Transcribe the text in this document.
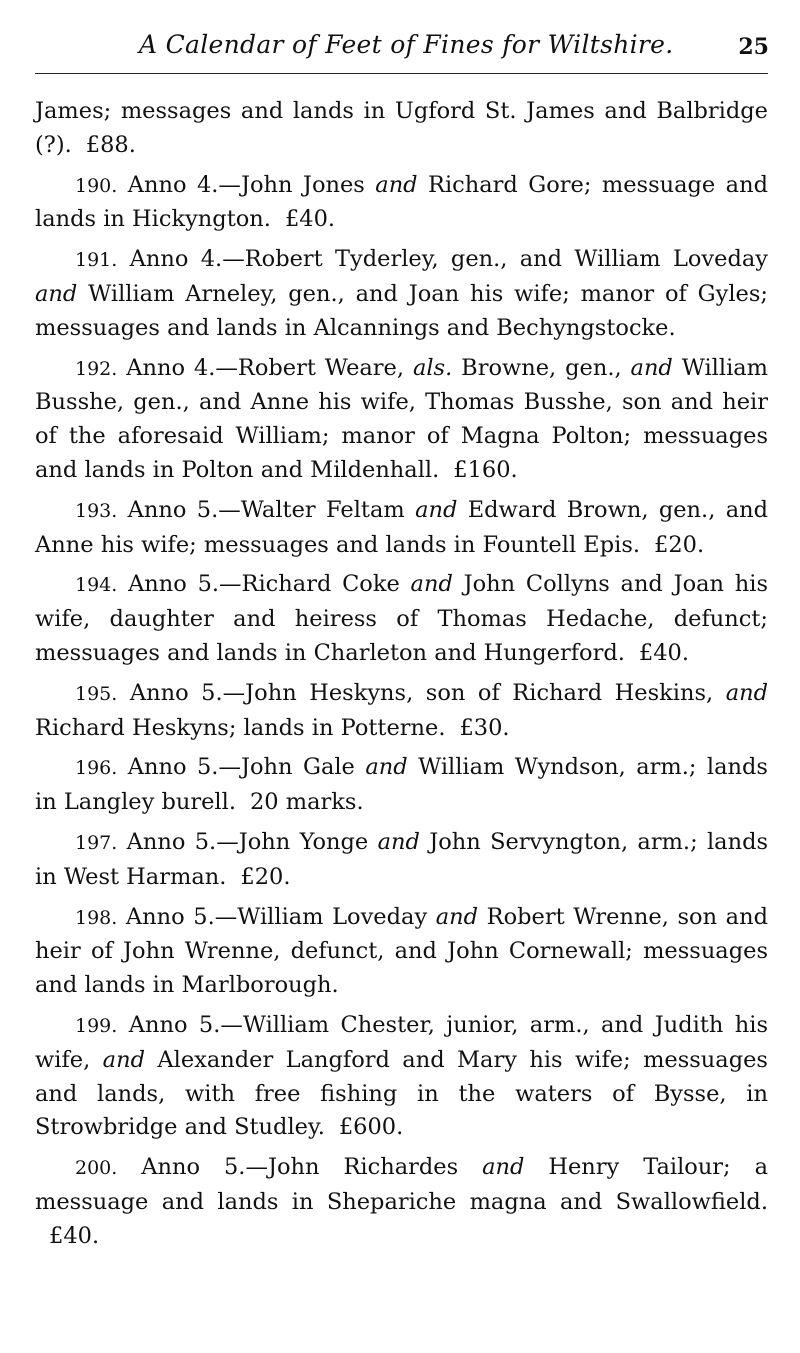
A Calendar of Feet of Fines for Wiltshire.	25

James; messages and lands in Ugford St. James and Balbridge (?). £88.

190. Anno 4.—John Jones and Richard Gore; messuage and lands in Hickyngton. £40.

191. Anno 4.—Robert Tyderley, gen., and William Loveday and William Arneley, gen., and Joan his wife; manor of Gyles; messuages and lands in Alcannings and Bechyngstocke.

192. Anno 4.—Robert Weare, als. Browne, gen., and William Busshe, gen., and Anne his wife, Thomas Busshe, son and heir of the aforesaid William; manor of Magna Polton; messuages and lands in Polton and Mildenhall. £160.

193. Anno 5.—Walter Feltam and Edward Brown, gen., and Anne his wife; messuages and lands in Fountell Epis. £20.

194. Anno 5.—Richard Coke and John Collyns and Joan his wife, daughter and heiress of Thomas Hedache, defunct; messuages and lands in Charleton and Hungerford. £40.

195. Anno 5.—John Heskyns, son of Richard Heskins, and Richard Heskyns; lands in Potterne. £30.

196. Anno 5.—John Gale and William Wyndson, arm.; lands in Langley burell. 20 marks.

197. Anno 5.—John Yonge and John Servyngton, arm.; lands in West Harman. £20.

198. Anno 5.—William Loveday and Robert Wrenne, son and heir of John Wrenne, defunct, and John Cornewall; messuages and lands in Marlborough.

199. Anno 5.—William Chester, junior, arm., and Judith his wife, and Alexander Langford and Mary his wife; messuages and lands, with free fishing in the waters of Bysse, in Strowbridge and Studley. £600.

200. Anno 5.—John Richardes and Henry Tailour; a messuage and lands in Shepariche magna and Swallowfield.£40.
